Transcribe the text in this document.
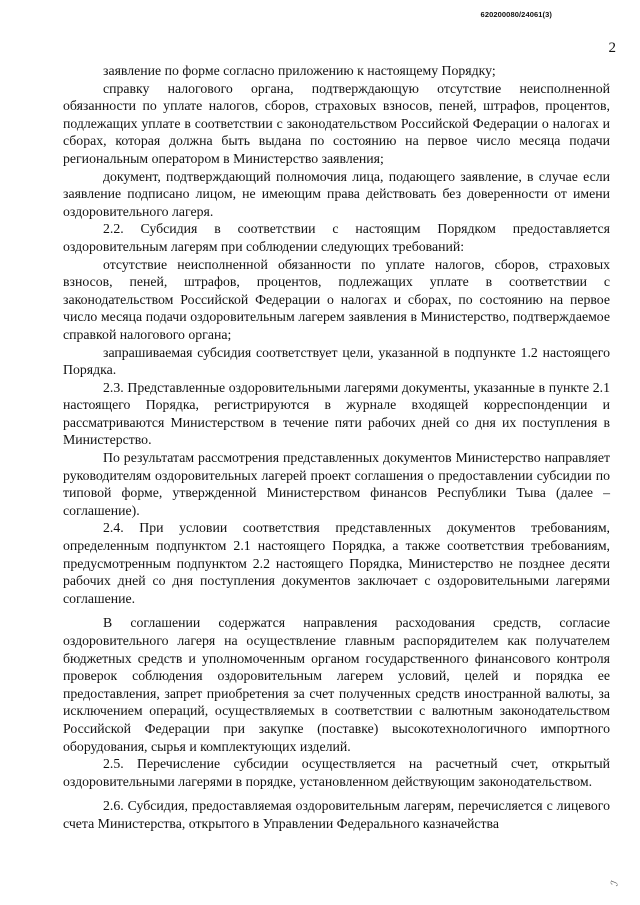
620200080/24061(3)
2

заявление по форме согласно приложению к настоящему Порядку;

справку налогового органа, подтверждающую отсутствие неисполненной обязанности по уплате налогов, сборов, страховых взносов, пеней, штрафов, процентов, подлежащих уплате в соответствии с законодательством Российской Федерации о налогах и сборах, которая должна быть выдана по состоянию на первое число месяца подачи региональным оператором в Министерство заявления;

документ, подтверждающий полномочия лица, подающего заявление, в случае если заявление подписано лицом, не имеющим права действовать без доверенности от имени оздоровительного лагеря.

2.2. Субсидия в соответствии с настоящим Порядком предоставляется оздоровительным лагерям при соблюдении следующих требований:

отсутствие неисполненной обязанности по уплате налогов, сборов, страховых взносов, пеней, штрафов, процентов, подлежащих уплате в соответствии с законодательством Российской Федерации о налогах и сборах, по состоянию на первое число месяца подачи оздоровительным лагерем заявления в Министерство, подтверждаемое справкой налогового органа;

запрашиваемая субсидия соответствует цели, указанной в подпункте 1.2 настоящего Порядка.

2.3. Представленные оздоровительными лагерями документы, указанные в пункте 2.1 настоящего Порядка, регистрируются в журнале входящей корреспонденции и рассматриваются Министерством в течение пяти рабочих дней со дня их поступления в Министерство.

По результатам рассмотрения представленных документов Министерство направляет руководителям оздоровительных лагерей проект соглашения о предоставлении субсидии по типовой форме, утвержденной Министерством финансов Республики Тыва (далее – соглашение).

2.4. При условии соответствия представленных документов требованиям, определенным подпунктом 2.1 настоящего Порядка, а также соответствия требованиям, предусмотренным подпунктом 2.2 настоящего Порядка, Министерство не позднее десяти рабочих дней со дня поступления документов заключает с оздоровительными лагерями соглашение.

В соглашении содержатся направления расходования средств, согласие оздоровительного лагеря на осуществление главным распорядителем как получателем бюджетных средств и уполномоченным органом государственного финансового контроля проверок соблюдения оздоровительным лагерем условий, целей и порядка ее предоставления, запрет приобретения за счет полученных средств иностранной валюты, за исключением операций, осуществляемых в соответствии с валютным законодательством Российской Федерации при закупке (поставке) высокотехнологичного импортного оборудования, сырья и комплектующих изделий.

2.5. Перечисление субсидии осуществляется на расчетный счет, открытый оздоровительными лагерями в порядке, установленном действующим законодательством.

2.6. Субсидия, предоставляемая оздоровительным лагерям, перечисляется с лицевого счета Министерства, открытого в Управлении Федерального казначейства

ℐ
